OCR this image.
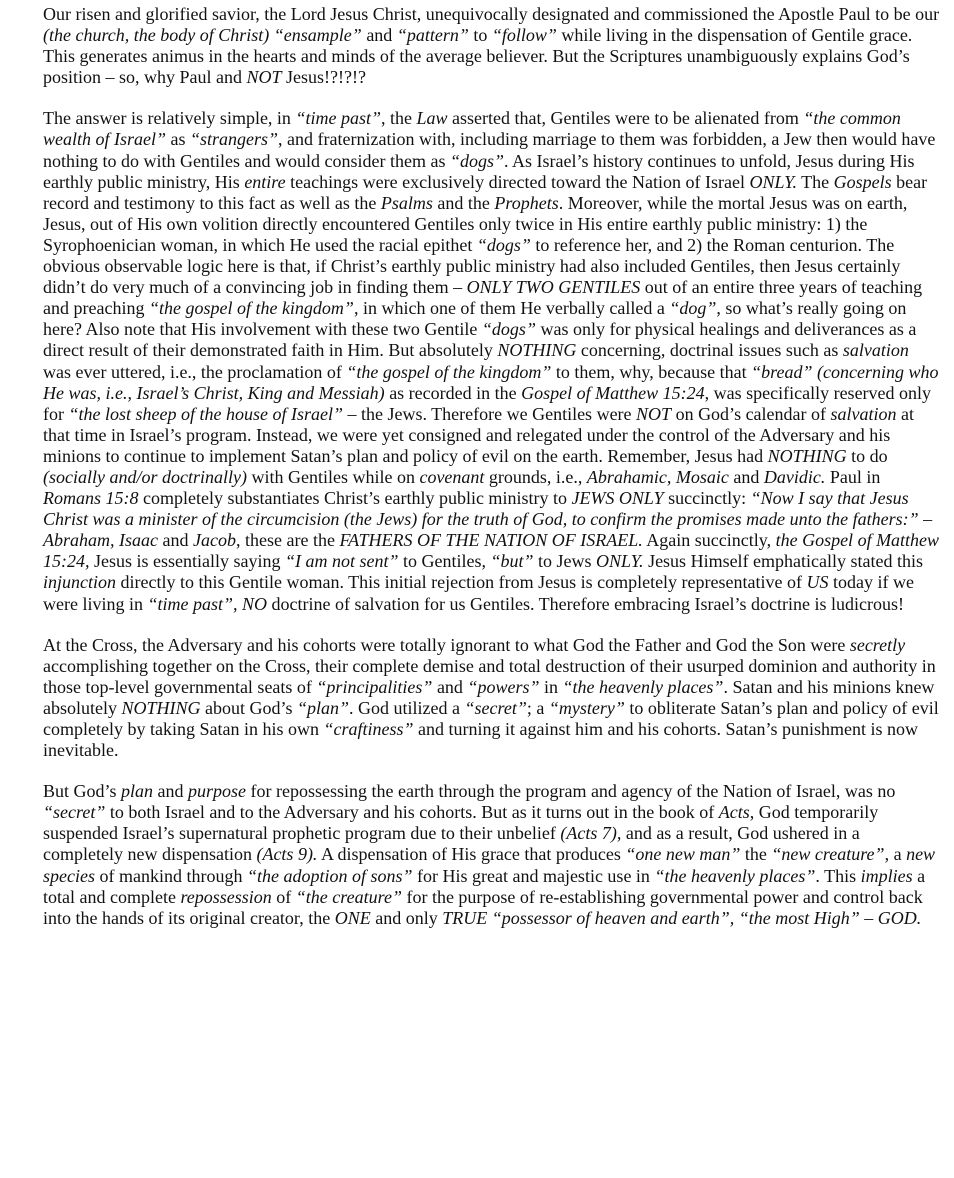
Our risen and glorified savior, the Lord Jesus Christ, unequivocally designated and commissioned the Apostle Paul to be our (the church, the body of Christ) “ensample” and “pattern” to “follow” while living in the dispensation of Gentile grace. This generates animus in the hearts and minds of the average believer. But the Scriptures unambiguously explains God’s position – so, why Paul and NOT Jesus!?!?!?

The answer is relatively simple, in “time past”, the Law asserted that, Gentiles were to be alienated from “the common wealth of Israel” as “strangers”, and fraternization with, including marriage to them was forbidden, a Jew then would have nothing to do with Gentiles and would consider them as “dogs”. As Israel’s history continues to unfold, Jesus during His earthly public ministry, His entire teachings were exclusively directed toward the Nation of Israel ONLY. The Gospels bear record and testimony to this fact as well as the Psalms and the Prophets. Moreover, while the mortal Jesus was on earth, Jesus, out of His own volition directly encountered Gentiles only twice in His entire earthly public ministry: 1) the Syrophoenician woman, in which He used the racial epithet “dogs” to reference her, and 2) the Roman centurion. The obvious observable logic here is that, if Christ’s earthly public ministry had also included Gentiles, then Jesus certainly didn’t do very much of a convincing job in finding them – ONLY TWO GENTILES out of an entire three years of teaching and preaching “the gospel of the kingdom”, in which one of them He verbally called a “dog”, so what’s really going on here? Also note that His involvement with these two Gentile “dogs” was only for physical healings and deliverances as a direct result of their demonstrated faith in Him. But absolutely NOTHING concerning, doctrinal issues such as salvation was ever uttered, i.e., the proclamation of “the gospel of the kingdom” to them, why, because that “bread” (concerning who He was, i.e., Israel’s Christ, King and Messiah) as recorded in the Gospel of Matthew 15:24, was specifically reserved only for “the lost sheep of the house of Israel” – the Jews. Therefore we Gentiles were NOT on God’s calendar of salvation at that time in Israel’s program. Instead, we were yet consigned and relegated under the control of the Adversary and his minions to continue to implement Satan’s plan and policy of evil on the earth. Remember, Jesus had NOTHING to do (socially and/or doctrinally) with Gentiles while on covenant grounds, i.e., Abrahamic, Mosaic and Davidic. Paul in Romans 15:8 completely substantiates Christ’s earthly public ministry to JEWS ONLY succinctly: “Now I say that Jesus Christ was a minister of the circumcision (the Jews) for the truth of God, to confirm the promises made unto the fathers:” – Abraham, Isaac and Jacob, these are the FATHERS OF THE NATION OF ISRAEL. Again succinctly, the Gospel of Matthew 15:24, Jesus is essentially saying “I am not sent” to Gentiles, “but” to Jews ONLY. Jesus Himself emphatically stated this injunction directly to this Gentile woman. This initial rejection from Jesus is completely representative of US today if we were living in “time past”, NO doctrine of salvation for us Gentiles. Therefore embracing Israel’s doctrine is ludicrous!

At the Cross, the Adversary and his cohorts were totally ignorant to what God the Father and God the Son were secretly accomplishing together on the Cross, their complete demise and total destruction of their usurped dominion and authority in those top-level governmental seats of “principalities” and “powers” in “the heavenly places”. Satan and his minions knew absolutely NOTHING about God’s “plan”. God utilized a “secret”; a “mystery” to obliterate Satan’s plan and policy of evil completely by taking Satan in his own “craftiness” and turning it against him and his cohorts. Satan’s punishment is now inevitable.

But God’s plan and purpose for repossessing the earth through the program and agency of the Nation of Israel, was no “secret” to both Israel and to the Adversary and his cohorts. But as it turns out in the book of Acts, God temporarily suspended Israel’s supernatural prophetic program due to their unbelief (Acts 7), and as a result, God ushered in a completely new dispensation (Acts 9). A dispensation of His grace that produces “one new man” the “new creature”, a new species of mankind through “the adoption of sons” for His great and majestic use in “the heavenly places”. This implies a total and complete repossession of “the creature” for the purpose of re-establishing governmental power and control back into the hands of its original creator, the ONE and only TRUE “possessor of heaven and earth”, “the most High” – GOD.
